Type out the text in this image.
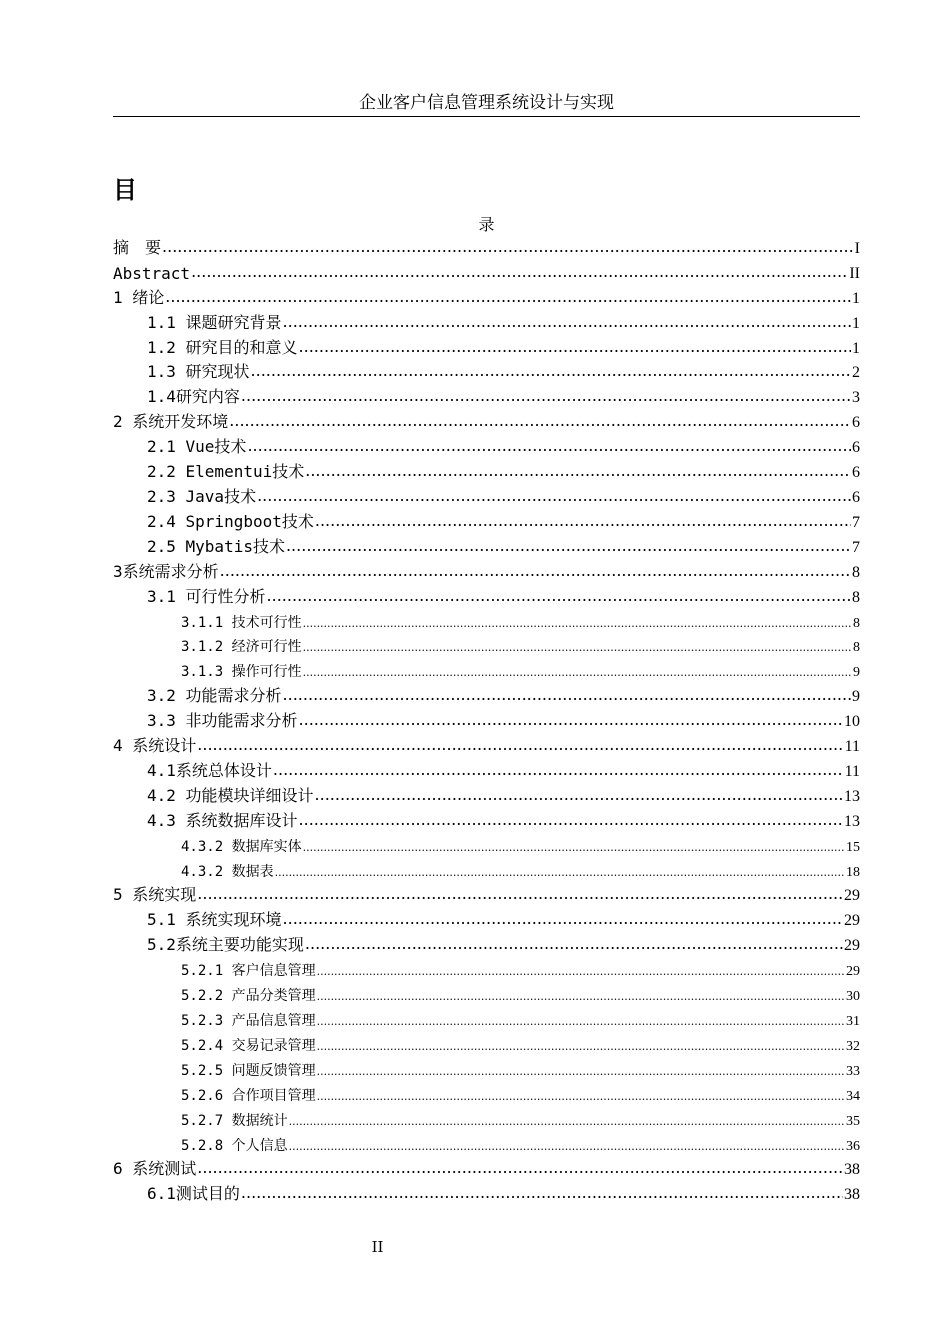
企业客户信息管理系统设计与实现
目
录
摘　要 .....	I
Abstract .....	II
1 绪论 .....	1
1.1 课题研究背景 .....	1
1.2 研究目的和意义 .....	1
1.3 研究现状 .....	2
1.4研究内容 .....	3
2 系统开发环境 .....	6
2.1 Vue技术 .....	6
2.2 Elementui技术 .....	6
2.3 Java技术 .....	6
2.4 Springboot技术 .....	7
2.5 Mybatis技术 .....	7
3系统需求分析 .....	8
3.1 可行性分析 .....	8
3.1.1 技术可行性 .....	8
3.1.2 经济可行性 .....	8
3.1.3 操作可行性 .....	9
3.2 功能需求分析 .....	9
3.3 非功能需求分析 .....	10
4 系统设计 .....	11
4.1系统总体设计 .....	11
4.2 功能模块详细设计 .....	13
4.3 系统数据库设计 .....	13
4.3.2 数据库实体 .....	15
4.3.2 数据表 .....	18
5 系统实现 .....	29
5.1 系统实现环境 .....	29
5.2系统主要功能实现 .....	29
5.2.1 客户信息管理 .....	29
5.2.2 产品分类管理 .....	30
5.2.3 产品信息管理 .....	31
5.2.4 交易记录管理 .....	32
5.2.5 问题反馈管理 .....	33
5.2.6 合作项目管理 .....	34
5.2.7 数据统计 .....	35
5.2.8 个人信息 .....	36
6 系统测试 .....	38
6.1测试目的 .....	38
II
